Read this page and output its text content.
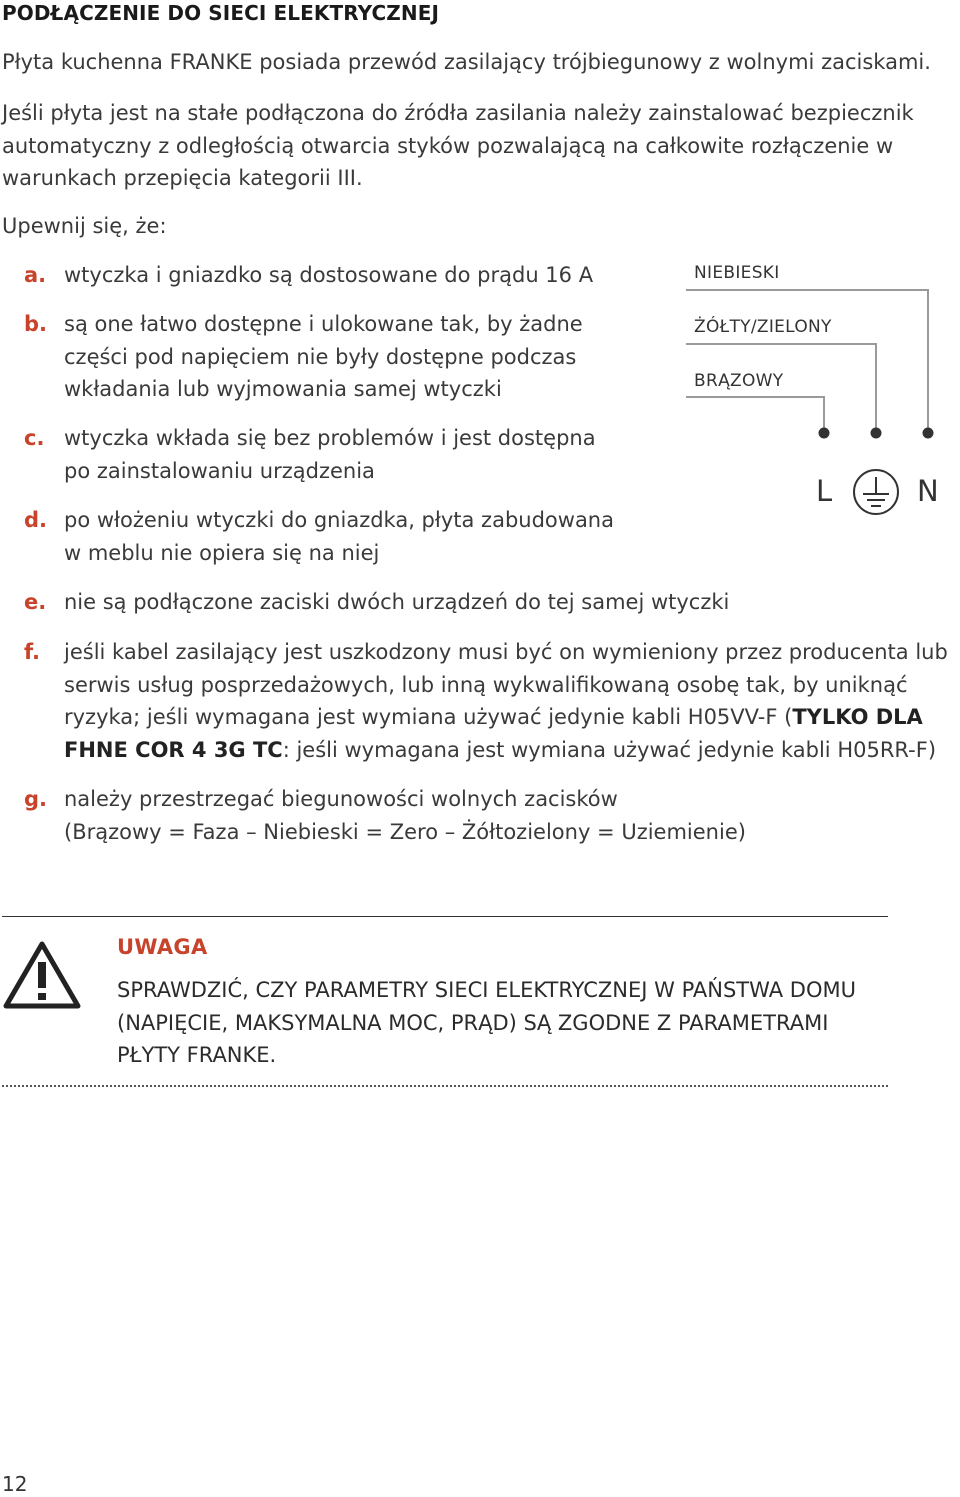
PODŁĄCZENIE DO SIECI ELEKTRYCZNEJ
Płyta kuchenna FRANKE posiada przewód zasilający trójbiegunowy z wolnymi zaciskami.
Jeśli płyta jest na stałe podłączona do źródła zasilania należy zainstalować bezpiecznik automatyczny z odległością otwarcia styków pozwalającą na całkowite rozłączenie w warunkach przepięcia kategorii III.
Upewnij się, że:
a. wtyczka i gniazdko są dostosowane do prądu 16 A
b. są one łatwo dostępne i ulokowane tak, by żadne
części pod napięciem nie były dostępne podczas
wkładania lub wyjmowania samej wtyczki
c. wtyczka wkłada się bez problemów i jest dostępna
po zainstalowaniu urządzenia
d. po włożeniu wtyczki do gniazdka, płyta zabudowana
w meblu nie opiera się na niej
e. nie są podłączone zaciski dwóch urządzeń do tej samej wtyczki
f. jeśli kabel zasilający jest uszkodzony musi być on wymieniony przez producenta lub
serwis usług posprzedażowych, lub inną wykwalifikowaną osobę tak, by uniknąć
ryzyka; jeśli wymagana jest wymiana używać jedynie kabli H05VV-F (TYLKO DLA
FHNE COR 4 3G TC: jeśli wymagana jest wymiana używać jedynie kabli H05RR-F)
g. należy przestrzegać biegunowości wolnych zacisków
(Brązowy = Faza – Niebieski = Zero – Żółtozielony = Uziemienie)
NIEBIESKI
ŻÓŁTY/ZIELONY
BRĄZOWY
L	N
UWAGA
SPRAWDZIĆ, CZY PARAMETRY SIECI ELEKTRYCZNEJ W PAŃSTWA DOMU
(NAPIĘCIE, MAKSYMALNA MOC, PRĄD) SĄ ZGODNE Z PARAMETRAMI
PŁYTY FRANKE.
12
